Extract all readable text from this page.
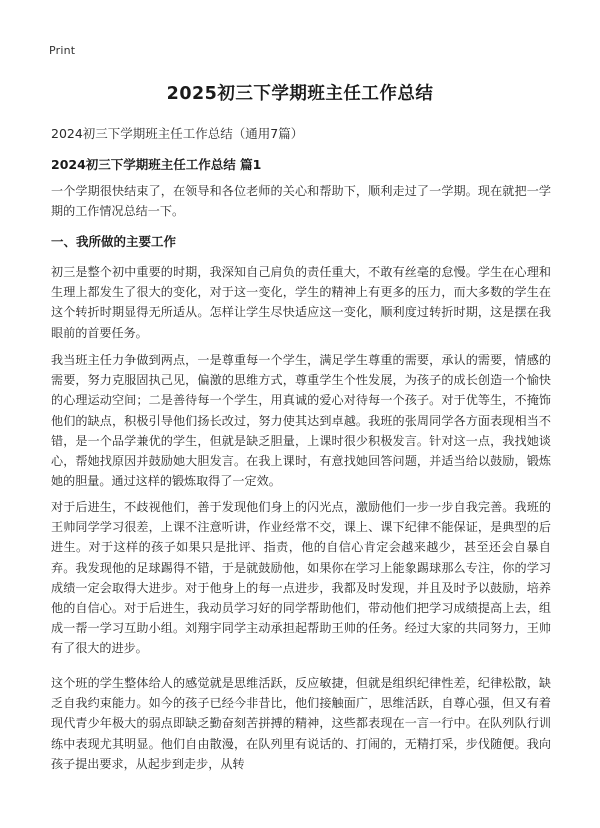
Print
2025初三下学期班主任工作总结
2024初三下学期班主任工作总结（通用7篇）
2024初三下学期班主任工作总结 篇1

一个学期很快结束了，在领导和各位老师的关心和帮助下，顺利走过了一学期。现在就把一学期的工作情况总结一下。

一、我所做的主要工作

初三是整个初中重要的时期，我深知自己肩负的责任重大，不敢有丝毫的怠慢。学生在心理和生理上都发生了很大的变化，对于这一变化，学生的精神上有更多的压力，而大多数的学生在这个转折时期显得无所适从。怎样让学生尽快适应这一变化，顺利度过转折时期，这是摆在我眼前的首要任务。

我当班主任力争做到两点，一是尊重每一个学生，满足学生尊重的需要，承认的需要，情感的需要，努力克服固执己见，偏激的思维方式，尊重学生个性发展，为孩子的成长创造一个愉快的心理运动空间；二是善待每一个学生，用真诚的爱心对待每一个孩子。对于优等生，不掩饰他们的缺点，积极引导他们扬长改过，努力使其达到卓越。我班的张周同学各方面表现相当不错，是一个品学兼优的学生，但就是缺乏胆量，上课时很少积极发言。针对这一点，我找她谈心，帮她找原因并鼓励她大胆发言。在我上课时，有意找她回答问题，并适当给以鼓励，锻炼她的胆量。通过这样的锻炼取得了一定效。

对于后进生，不歧视他们，善于发现他们身上的闪光点，激励他们一步一步自我完善。我班的王帅同学学习很差，上课不注意听讲，作业经常不交，课上、课下纪律不能保证，是典型的后进生。对于这样的孩子如果只是批评、指责，他的自信心肯定会越来越少，甚至还会自暴自弃。我发现他的足球踢得不错，于是就鼓励他，如果你在学习上能象踢球那么专注，你的学习成绩一定会取得大进步。对于他身上的每一点进步，我都及时发现，并且及时予以鼓励，培养他的自信心。对于后进生，我动员学习好的同学帮助他们，带动他们把学习成绩提高上去，组成一帮一学习互助小组。刘翔宇同学主动承担起帮助王帅的任务。经过大家的共同努力，王帅有了很大的进步。

这个班的学生整体给人的感觉就是思维活跃，反应敏捷，但就是组织纪律性差，纪律松散，缺乏自我约束能力。如今的孩子已经今非昔比，他们接触面广，思维活跃，自尊心强，但又有着现代青少年极大的弱点即缺乏勤奋刻苦拼搏的精神，这些都表现在一言一行中。在队列队行训练中表现尤其明显。他们自由散漫，在队列里有说话的、打闹的，无精打采，步伐随便。我向孩子提出要求，从起步到走步，从转
